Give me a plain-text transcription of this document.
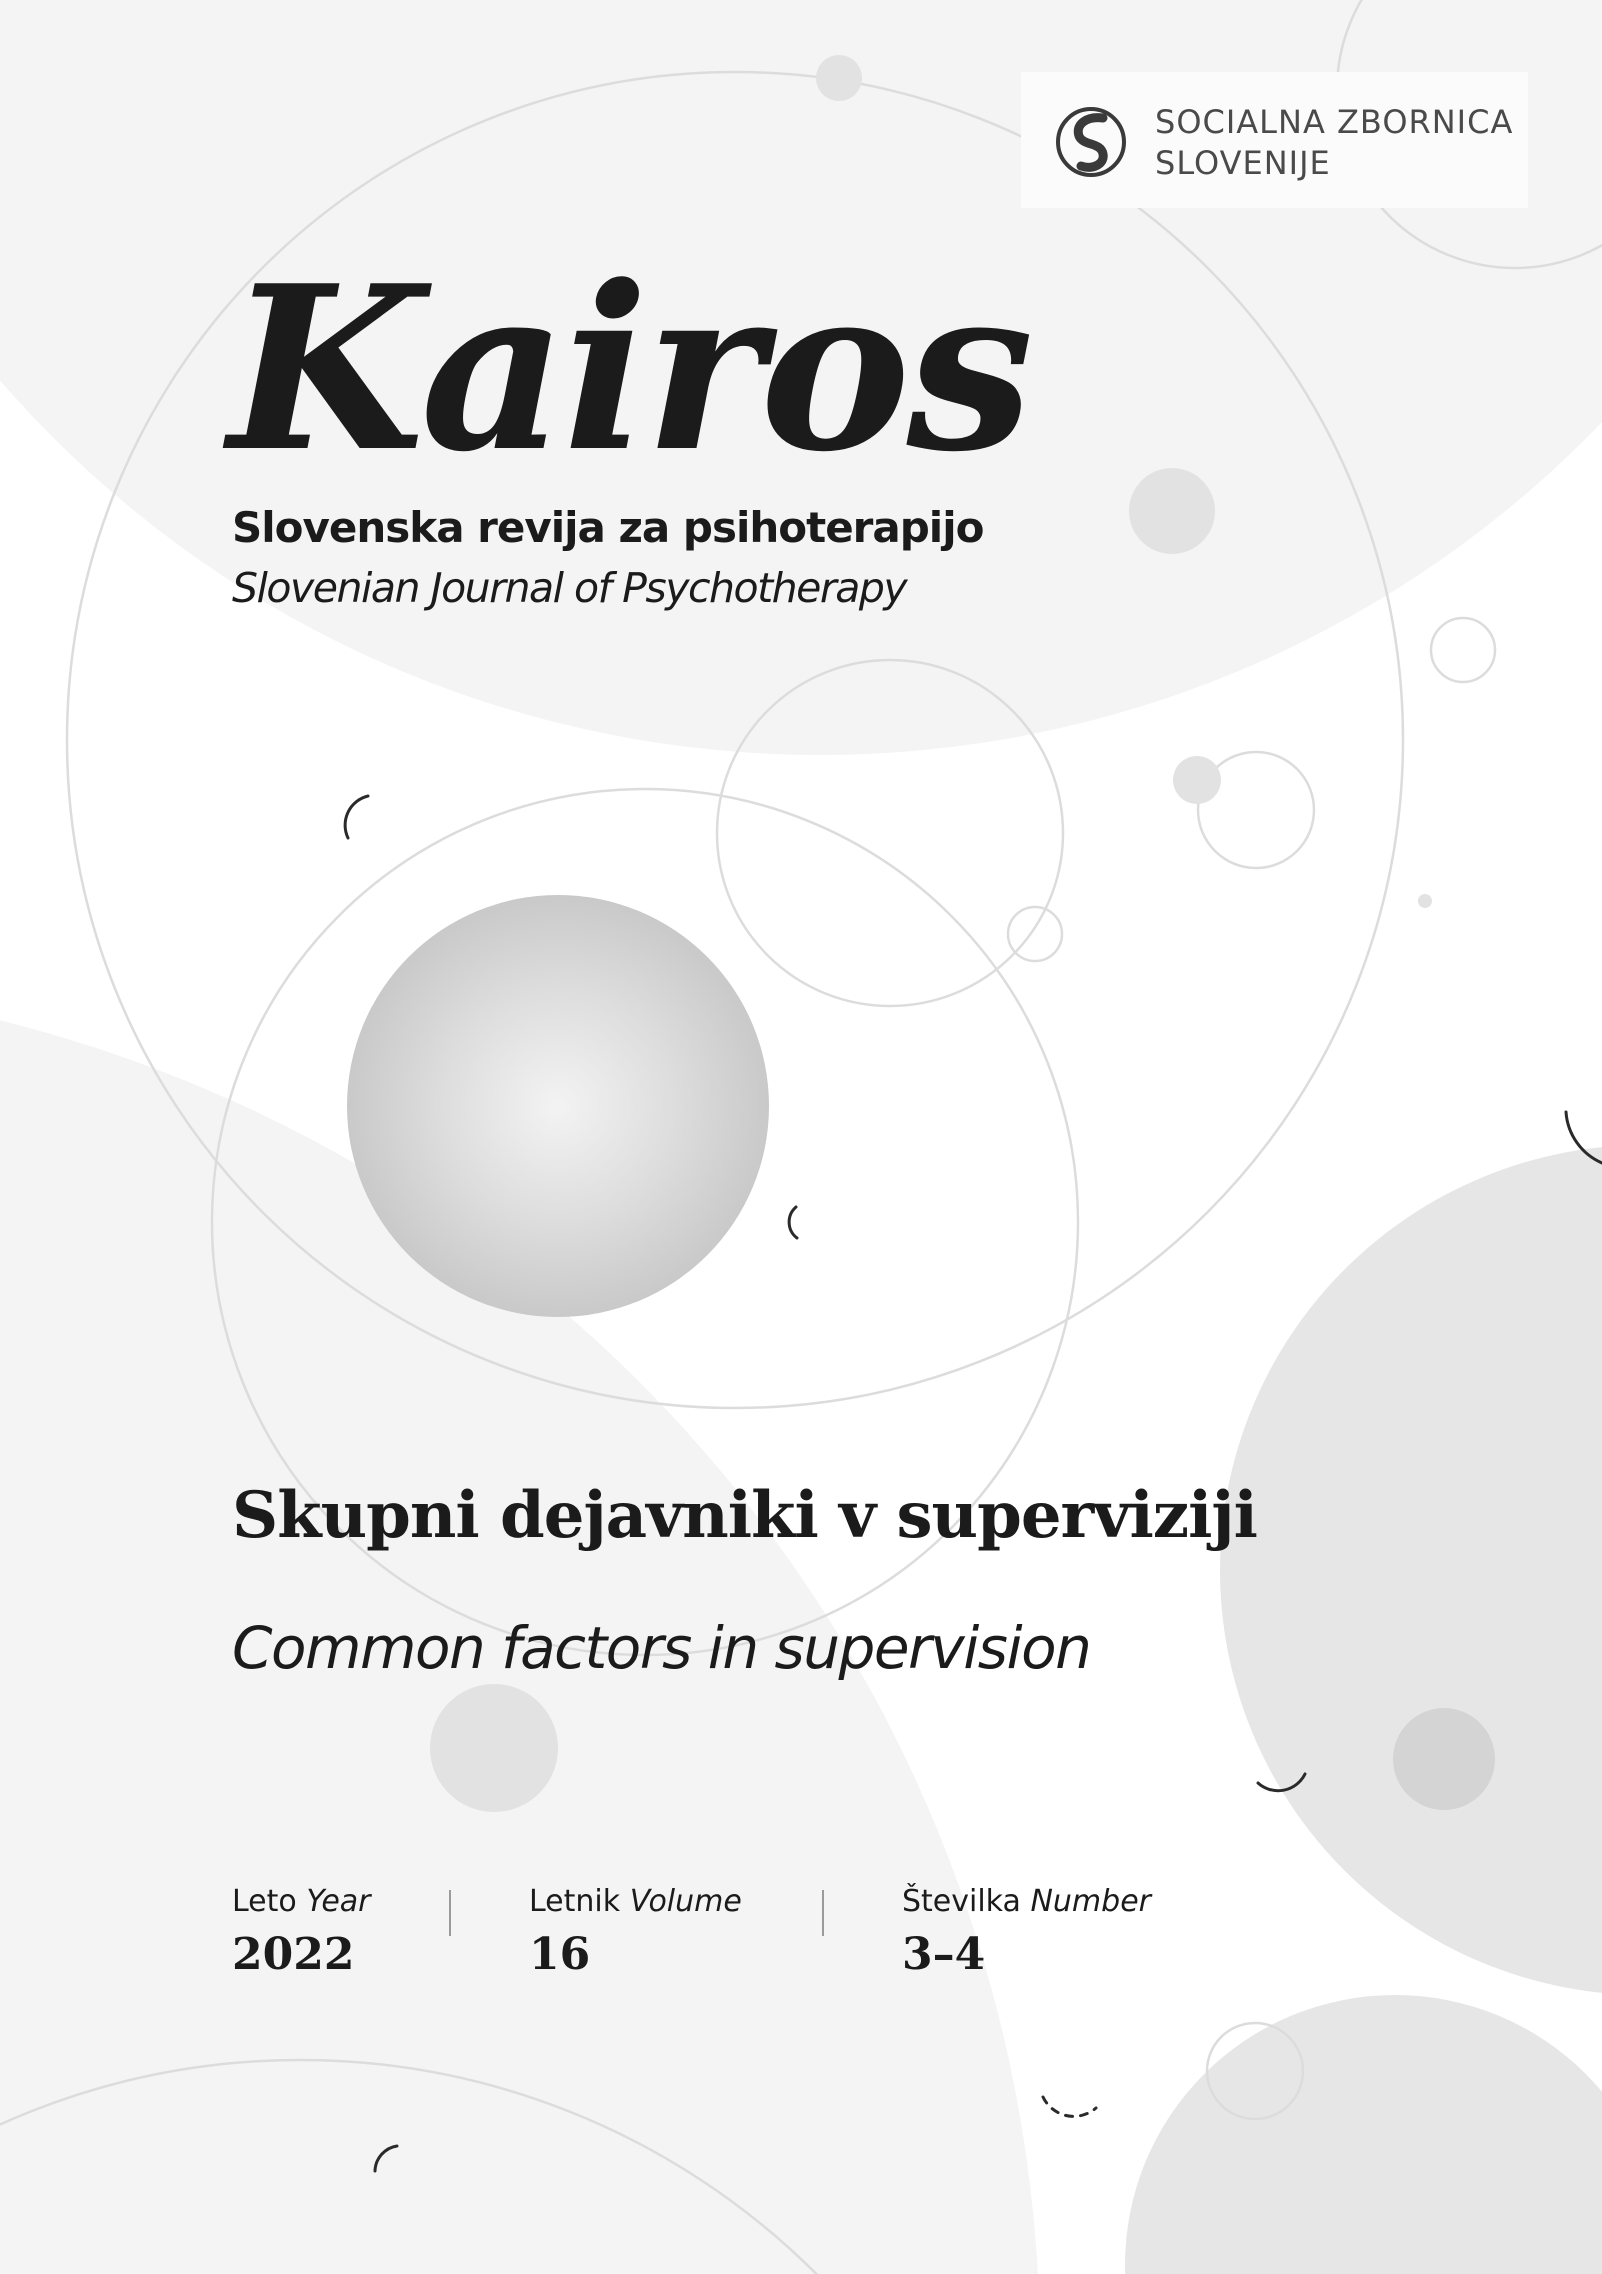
SOCIALNA ZBORNICA
SLOVENIJE
Kairos
Slovenska revija za psihoterapijo
Slovenian Journal of Psychotherapy
Skupni dejavniki v superviziji
Common factors in supervision
Leto Year
2022
Letnik Volume
16
Številka Number
3–4
